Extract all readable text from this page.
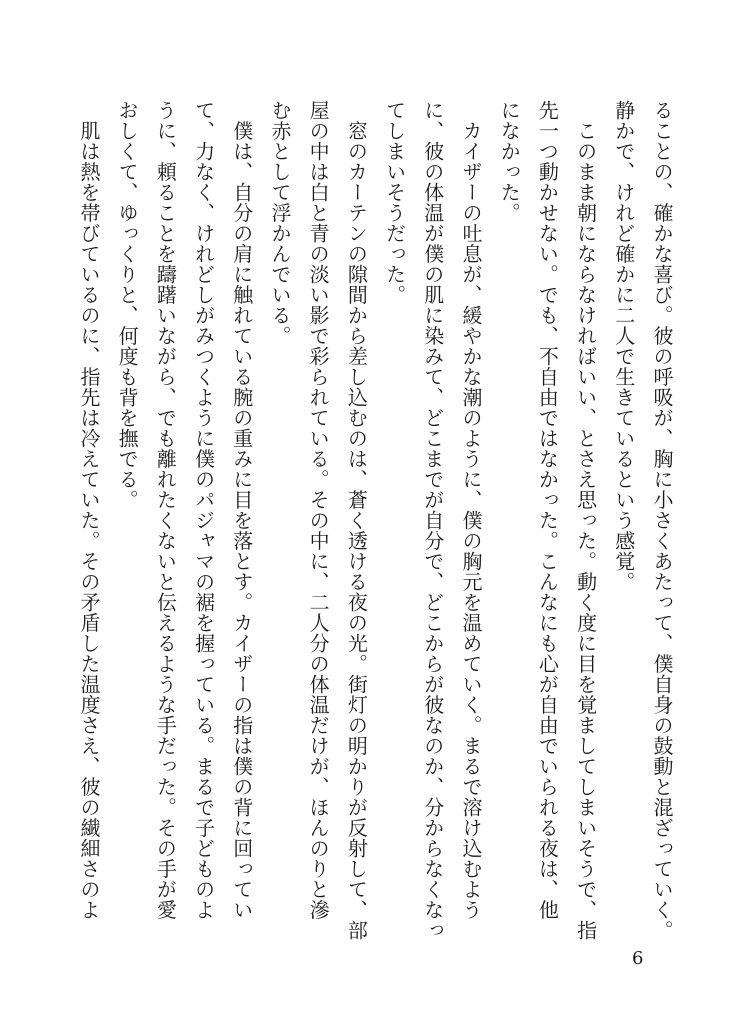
ることの、確かな喜び。彼の呼吸が、胸に小さくあたって、僕自身の鼓動と混ざっていく。

静かで、けれど確かに二人で生きているという感覚。

　このまま朝にならなければいい、とさえ思った。動く度に目を覚ましてしまいそうで、指

先一つ動かせない。でも、不自由ではなかった。こんなにも心が自由でいられる夜は、他

になかった。

　カイザーの吐息が、緩やかな潮のように、僕の胸元を温めていく。まるで溶け込むよう

に、彼の体温が僕の肌に染みて、どこまでが自分で、どこからが彼なのか、分からなくなっ

てしまいそうだった。

　窓のカーテンの隙間から差し込むのは、蒼く透ける夜の光。街灯の明かりが反射して、部

屋の中は白と青の淡い影で彩られている。その中に、二人分の体温だけが、ほんのりと滲

む赤として浮かんでいる。

　僕は、自分の肩に触れている腕の重みに目を落とす。カイザーの指は僕の背に回ってい

て、力なく、けれどしがみつくように僕のパジャマの裾を握っている。まるで子どものよ

うに、頼ることを躊躇いながら、でも離れたくないと伝えるような手だった。その手が愛

おしくて、ゆっくりと、何度も背を撫でる。

　肌は熱を帯びているのに、指先は冷えていた。その矛盾した温度さえ、彼の繊細さのよ

6
